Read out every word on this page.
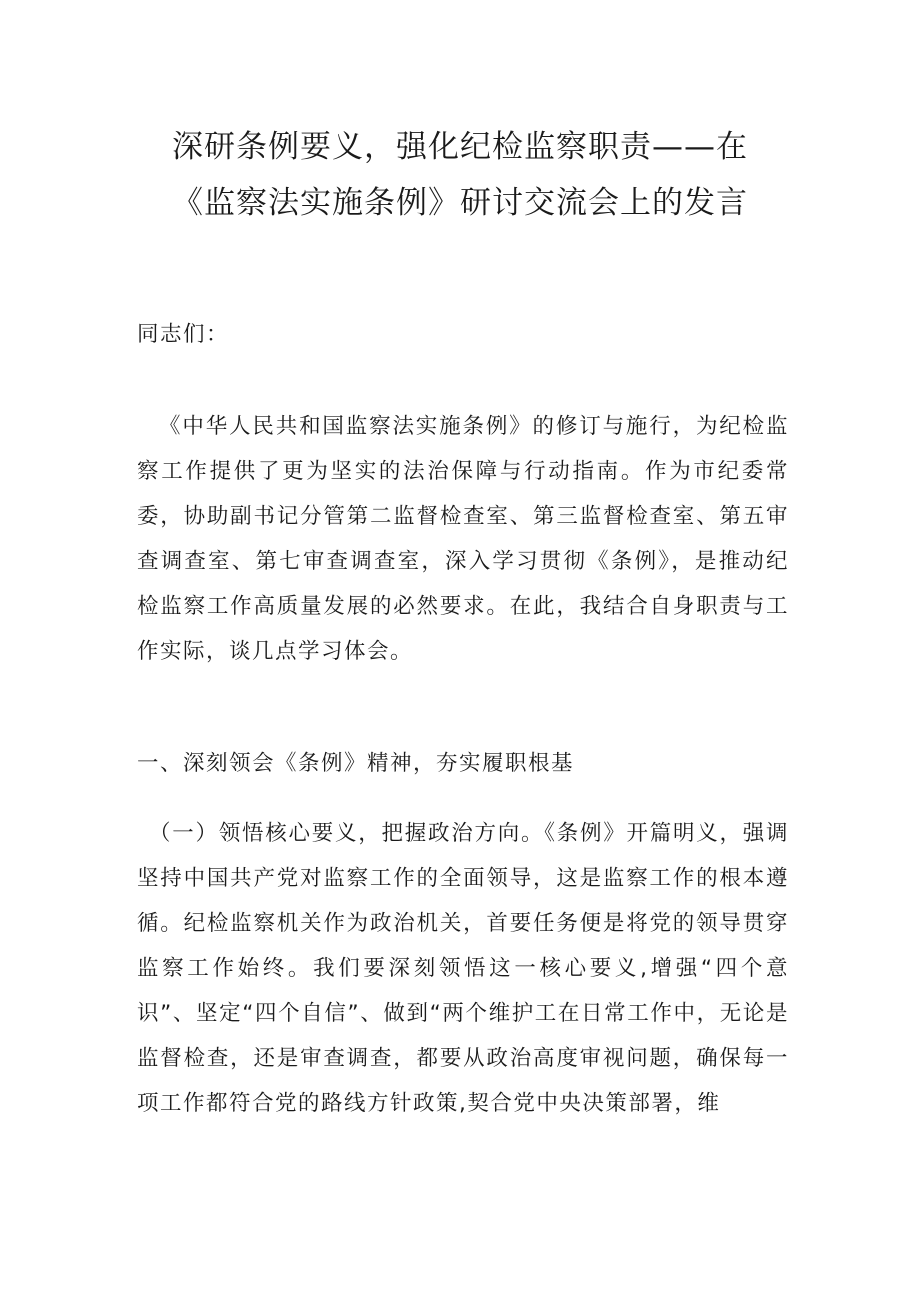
深研条例要义，强化纪检监察职责——在
《监察法实施条例》研讨交流会上的发言

同志们：

《中华人民共和国监察法实施条例》的修订与施行，为纪检监察工作提供了更为坚实的法治保障与行动指南。作为市纪委常委，协助副书记分管第二监督检查室、第三监督检查室、第五审查调查室、第七审查调查室，深入学习贯彻《条例》，是推动纪检监察工作高质量发展的必然要求。在此，我结合自身职责与工作实际，谈几点学习体会。

一、深刻领会《条例》精神，夯实履职根基

（一）领悟核心要义，把握政治方向。《条例》开篇明义，强调坚持中国共产党对监察工作的全面领导，这是监察工作的根本遵循。纪检监察机关作为政治机关，首要任务便是将党的领导贯穿监察工作始终。我们要深刻领悟这一核心要义,增强“四个意识”、坚定“四个自信”、做到“两个维护工在日常工作中，无论是监督检查，还是审查调查，都要从政治高度审视问题，确保每一项工作都符合党的路线方针政策,契合党中央决策部署，维
